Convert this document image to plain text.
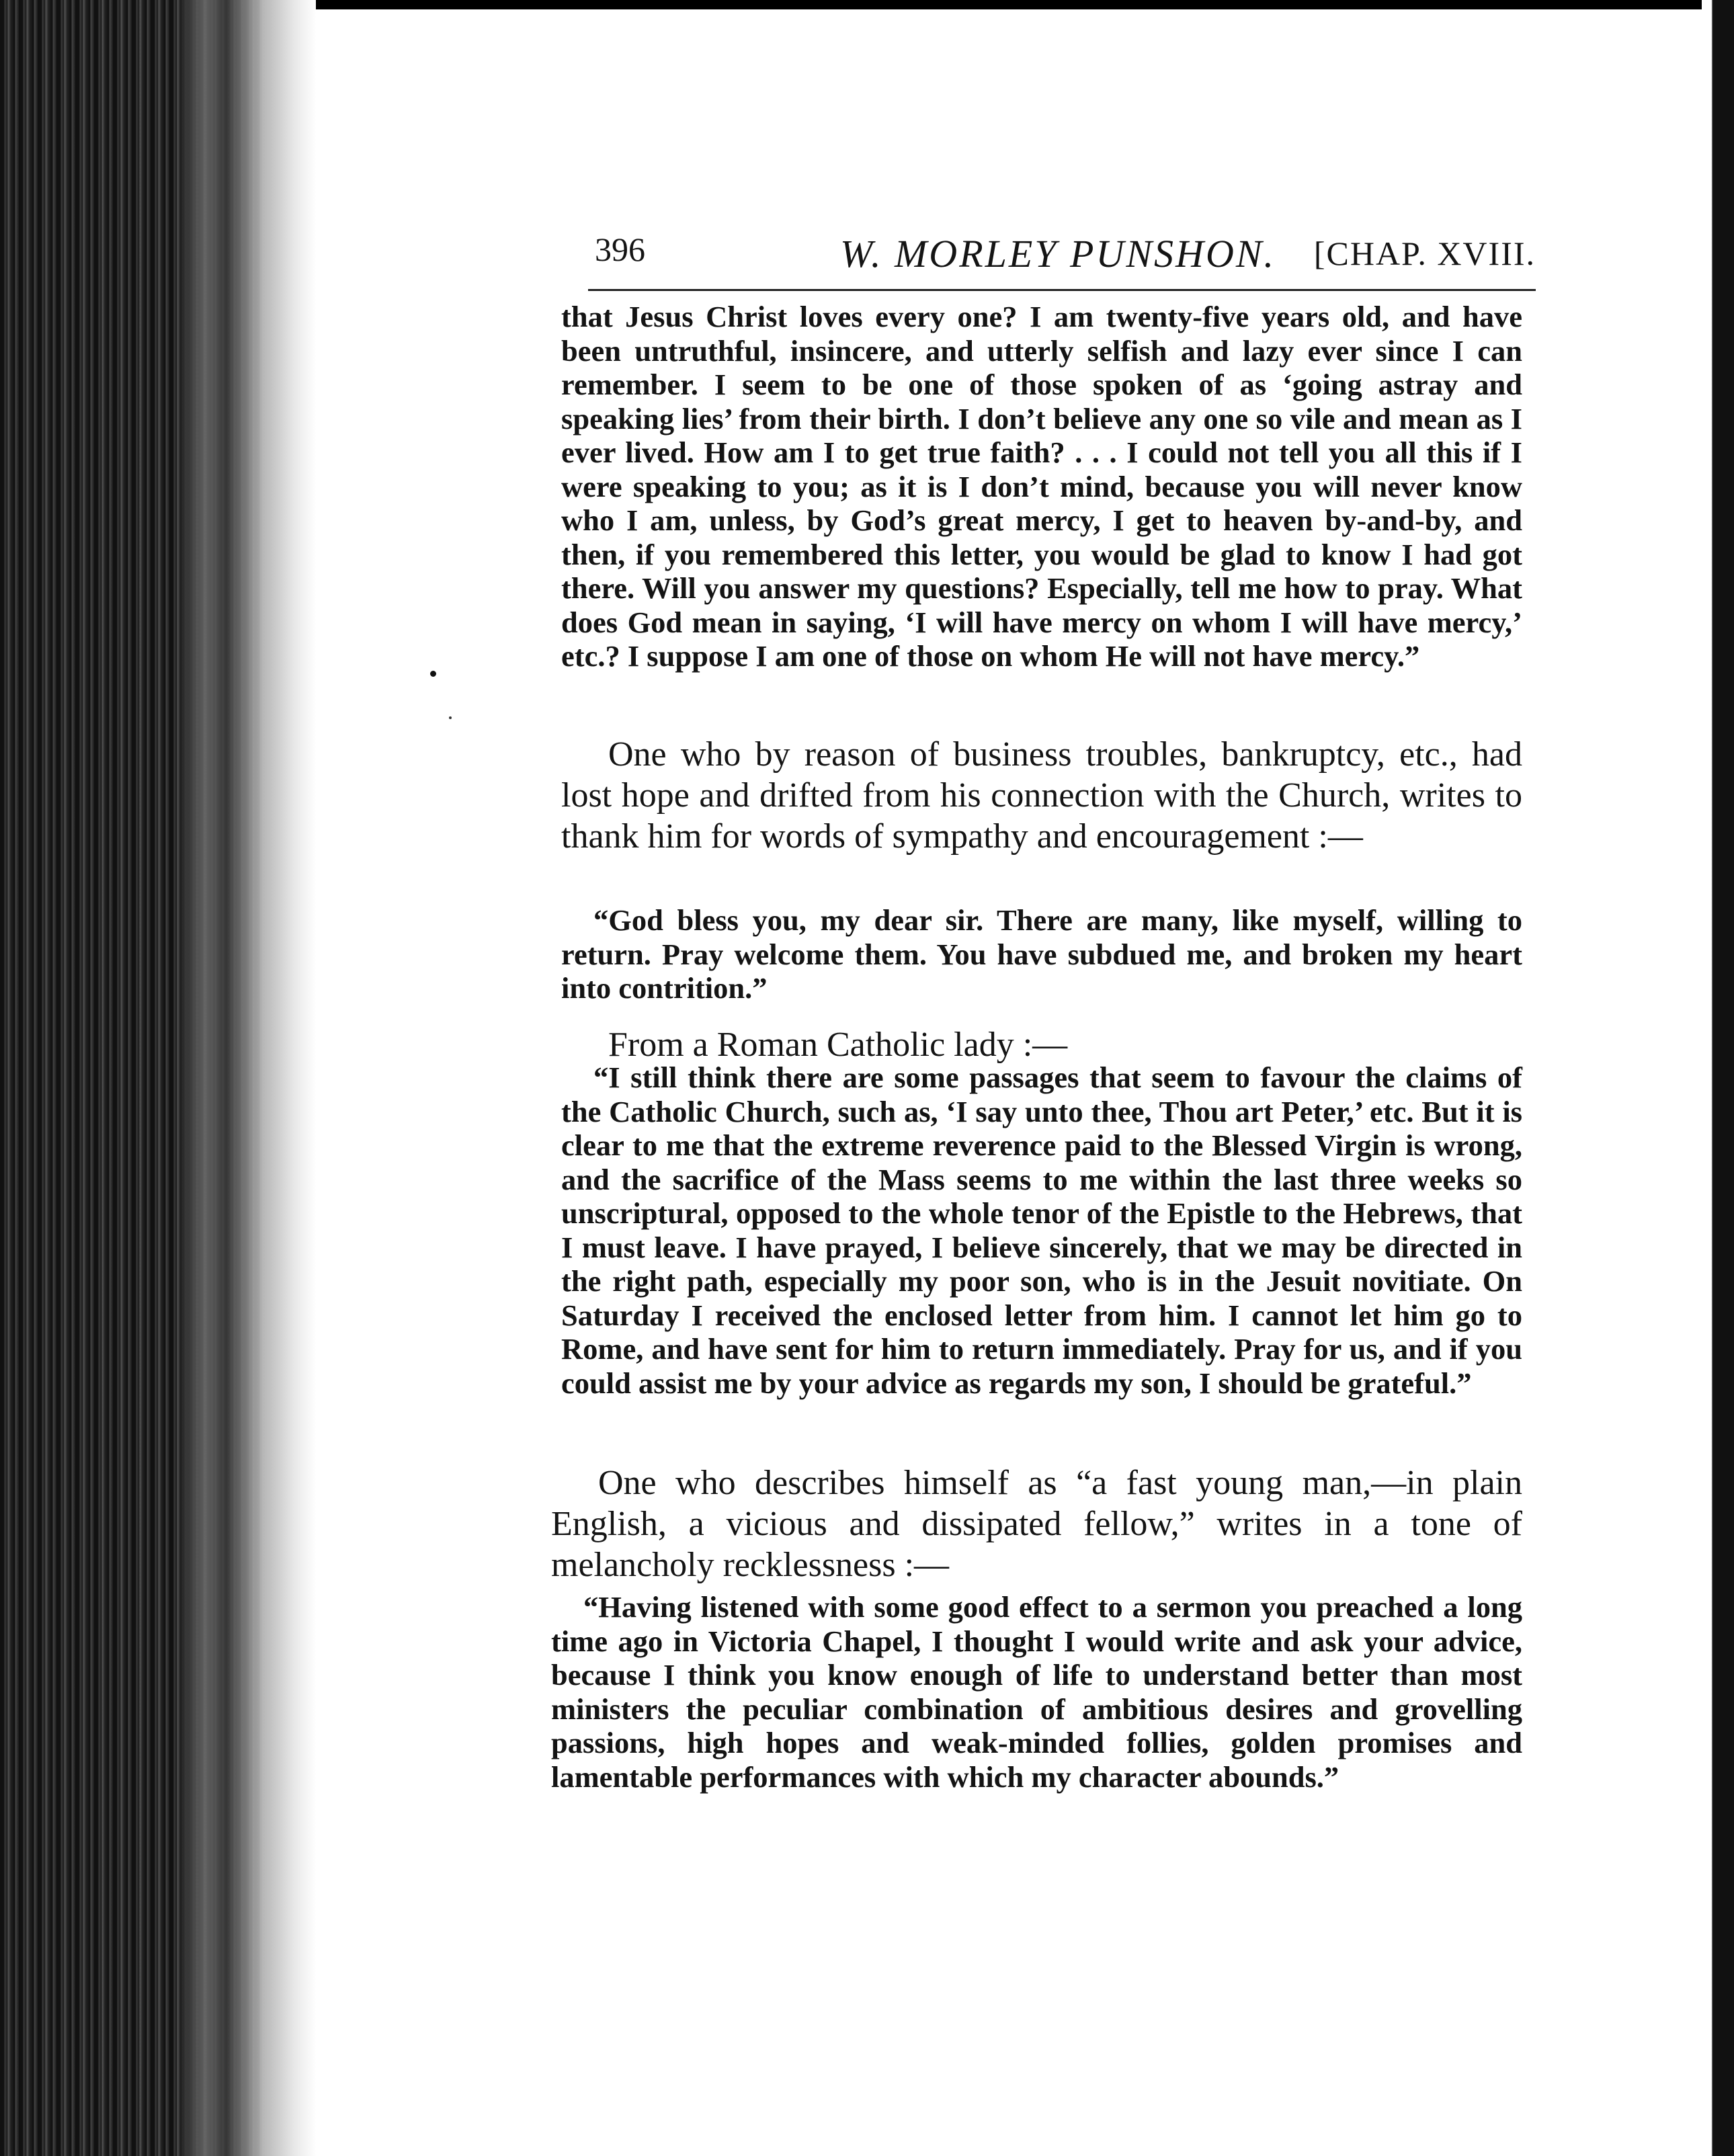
396	W. MORLEY PUNSHON. [CHAP. XVIII.

that Jesus Christ loves every one? I am twenty-five years old, and have been untruthful, insincere, and utterly selfish and lazy ever since I can remember. I seem to be one of those spoken of as ‘going astray and speaking lies’ from their birth. I don’t believe any one so vile and mean as I ever lived. How am I to get true faith? . . . I could not tell you all this if I were speaking to you; as it is I don’t mind, because you will never know who I am, unless, by God’s great mercy, I get to heaven by-and-by, and then, if you remembered this letter, you would be glad to know I had got there. Will you answer my questions? Especially, tell me how to pray. What does God mean in saying, ‘I will have mercy on whom I will have mercy,’ etc.? I suppose I am one of those on whom He will not have mercy.”

One who by reason of business troubles, bankruptcy, etc., had lost hope and drifted from his connection with the Church, writes to thank him for words of sympathy and encouragement :—

“God bless you, my dear sir. There are many, like myself, willing to return. Pray welcome them. You have subdued me, and broken my heart into contrition.”

From a Roman Catholic lady :—

“I still think there are some passages that seem to favour the claims of the Catholic Church, such as, ‘I say unto thee, Thou art Peter,’ etc. But it is clear to me that the extreme reverence paid to the Blessed Virgin is wrong, and the sacrifice of the Mass seems to me within the last three weeks so unscriptural, opposed to the whole tenor of the Epistle to the Hebrews, that I must leave. I have prayed, I believe sincerely, that we may be directed in the right path, especially my poor son, who is in the Jesuit novitiate. On Saturday I received the enclosed letter from him. I cannot let him go to Rome, and have sent for him to return immediately. Pray for us, and if you could assist me by your advice as regards my son, I should be grateful.”

One who describes himself as “a fast young man,—in plain English, a vicious and dissipated fellow,” writes in a tone of melancholy recklessness :—

“Having listened with some good effect to a sermon you preached a long time ago in Victoria Chapel, I thought I would write and ask your advice, because I think you know enough of life to understand better than most ministers the peculiar combination of ambitious desires and grovelling passions, high hopes and weak-minded follies, golden promises and lamentable performances with which my character abounds.”
